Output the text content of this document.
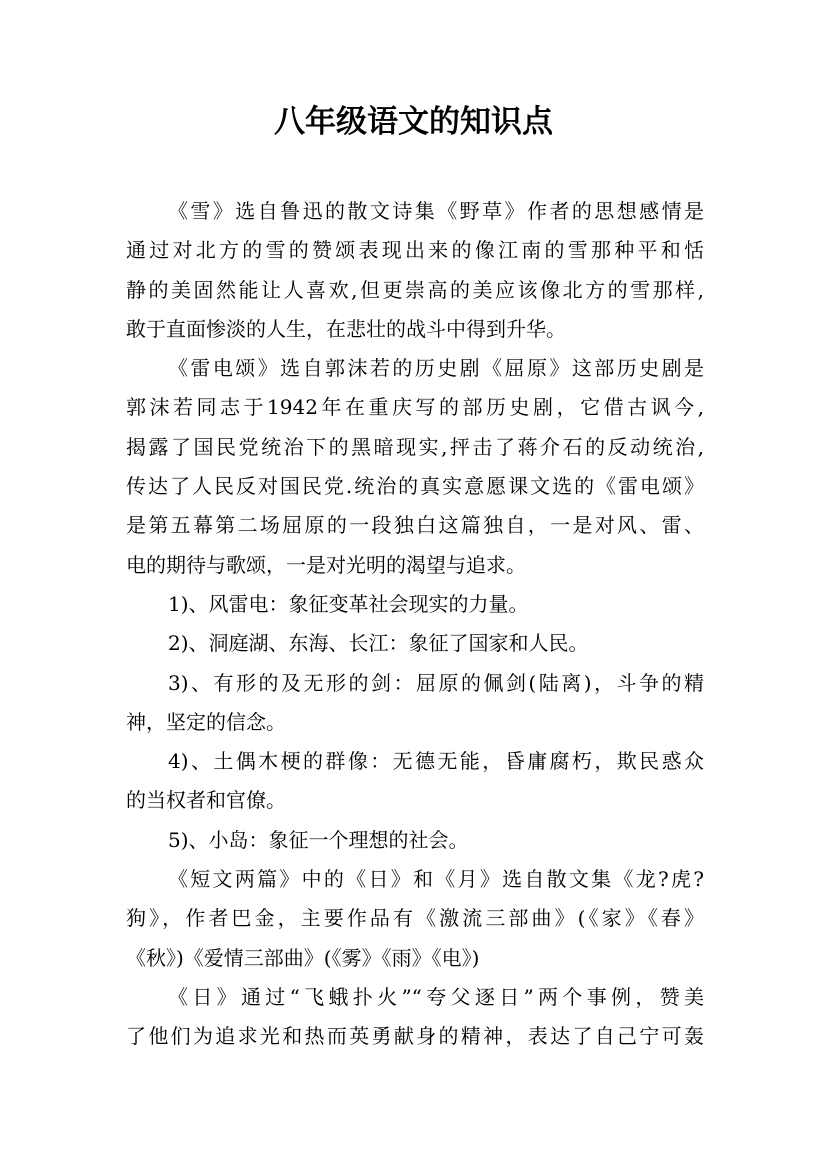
八年级语文的知识点
《雪》选自鲁迅的散文诗集《野草》作者的思想感情是
通过对北方的雪的赞颂表现出来的像江南的雪那种平和恬
静的美固然能让人喜欢,但更崇高的美应该像北方的雪那样,
敢于直面惨淡的人生，在悲壮的战斗中得到升华。
《雷电颂》选自郭沫若的历史剧《屈原》这部历史剧是
郭沫若同志于1942年在重庆写的部历史剧，它借古讽今,
揭露了国民党统治下的黑暗现实,抨击了蒋介石的反动统治,
传达了人民反对国民党.统治的真实意愿课文选的《雷电颂》
是第五幕第二场屈原的一段独白这篇独自，一是对风、雷、
电的期待与歌颂，一是对光明的渴望与追求。
1)、风雷电：象征变革社会现实的力量。
2)、洞庭湖、东海、长江：象征了国家和人民。
3)、有形的及无形的剑：屈原的佩剑(陆离)，斗争的精
神，坚定的信念。
4)、土偶木梗的群像：无德无能，昏庸腐朽，欺民惑众
的当权者和官僚。
5)、小岛：象征一个理想的社会。
《短文两篇》中的《日》和《月》选自散文集《龙?虎?
狗》，作者巴金，主要作品有《激流三部曲》(《家》《春》
《秋》)《爱情三部曲》(《雾》《雨》《电》)
《日》通过“飞蛾扑火”“夸父逐日”两个事例，赞美
了他们为追求光和热而英勇献身的精神，表达了自己宁可轰
